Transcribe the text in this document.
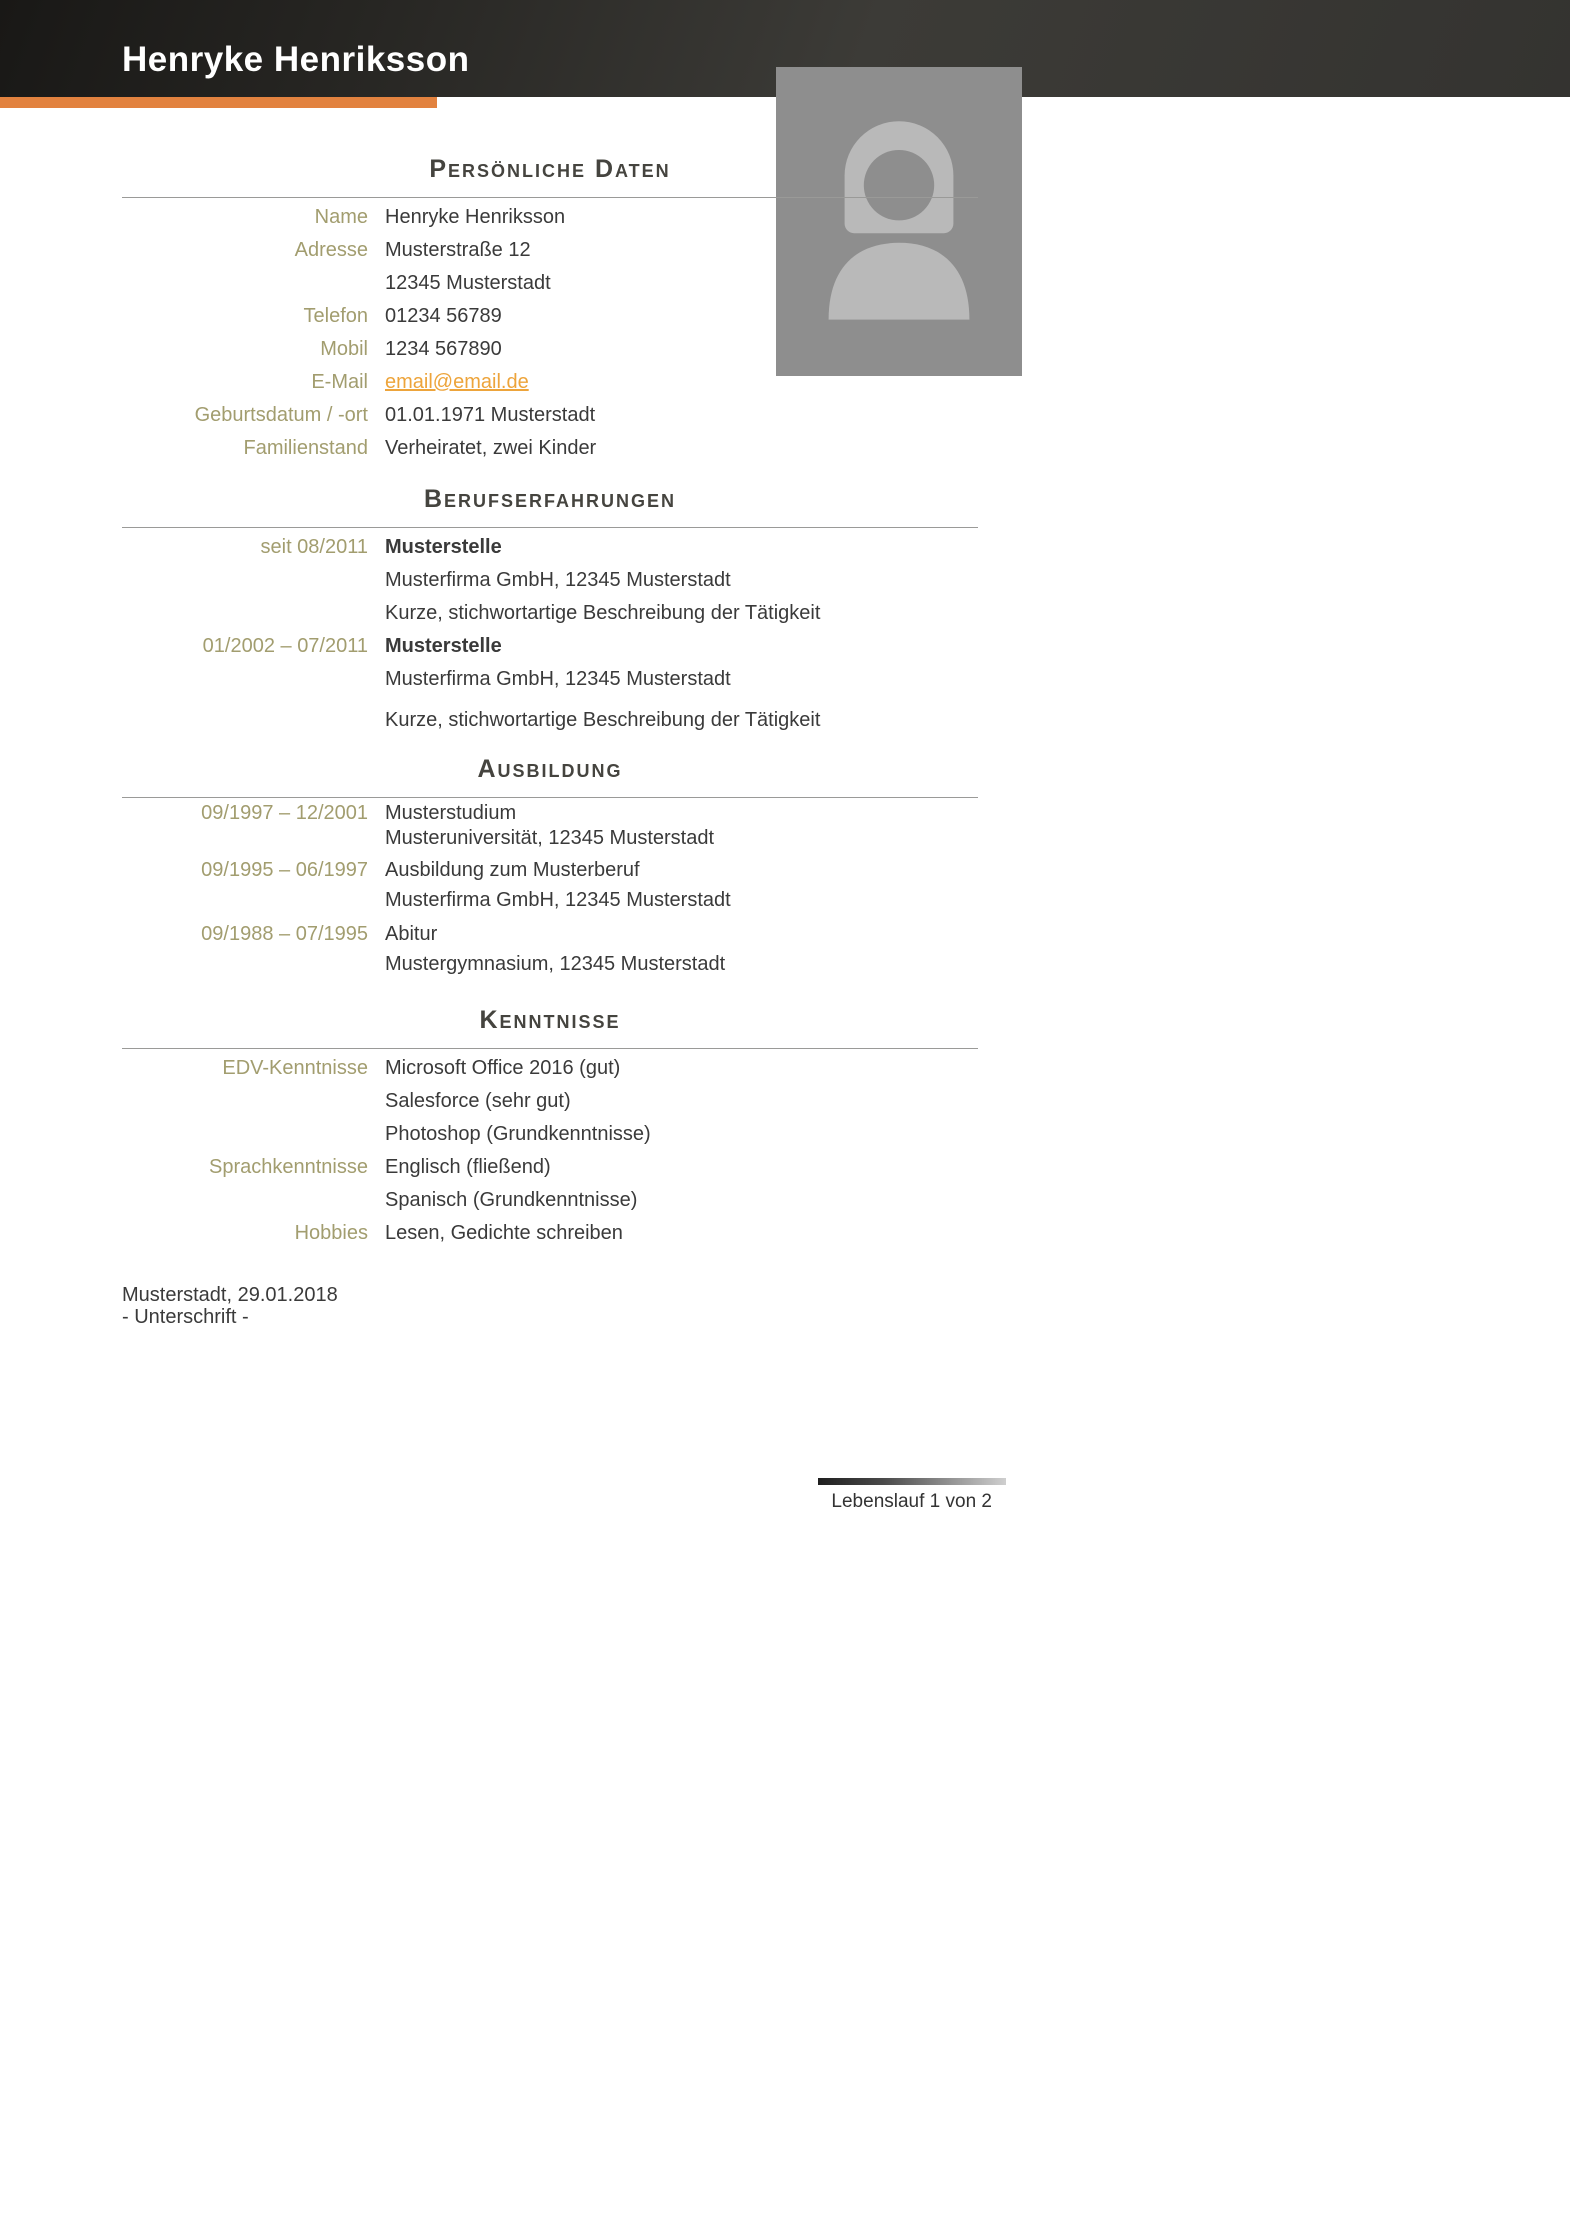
Henryke Henriksson
Persönliche Daten
Name Henryke Henriksson
Adresse Musterstraße 12
12345 Musterstadt
Telefon 01234 56789
Mobil 1234 567890
E-Mail email@email.de
Geburtsdatum / -ort 01.01.1971 Musterstadt
Familienstand Verheiratet, zwei Kinder
Berufserfahrungen
seit 08/2011 Musterstelle
Musterfirma GmbH, 12345 Musterstadt
Kurze, stichwortartige Beschreibung der Tätigkeit
01/2002 – 07/2011 Musterstelle
Musterfirma GmbH, 12345 Musterstadt
Kurze, stichwortartige Beschreibung der Tätigkeit
Ausbildung
09/1997 – 12/2001 Musterstudium
Musteruniversität, 12345 Musterstadt
09/1995 – 06/1997 Ausbildung zum Musterberuf
Musterfirma GmbH, 12345 Musterstadt
09/1988 – 07/1995 Abitur
Mustergymnasium, 12345 Musterstadt
Kenntnisse
EDV-Kenntnisse Microsoft Office 2016 (gut)
Salesforce (sehr gut)
Photoshop (Grundkenntnisse)
Sprachkenntnisse Englisch (fließend)
Spanisch (Grundkenntnisse)
Hobbies Lesen, Gedichte schreiben
Musterstadt, 29.01.2018
- Unterschrift -
Lebenslauf 1 von 2
